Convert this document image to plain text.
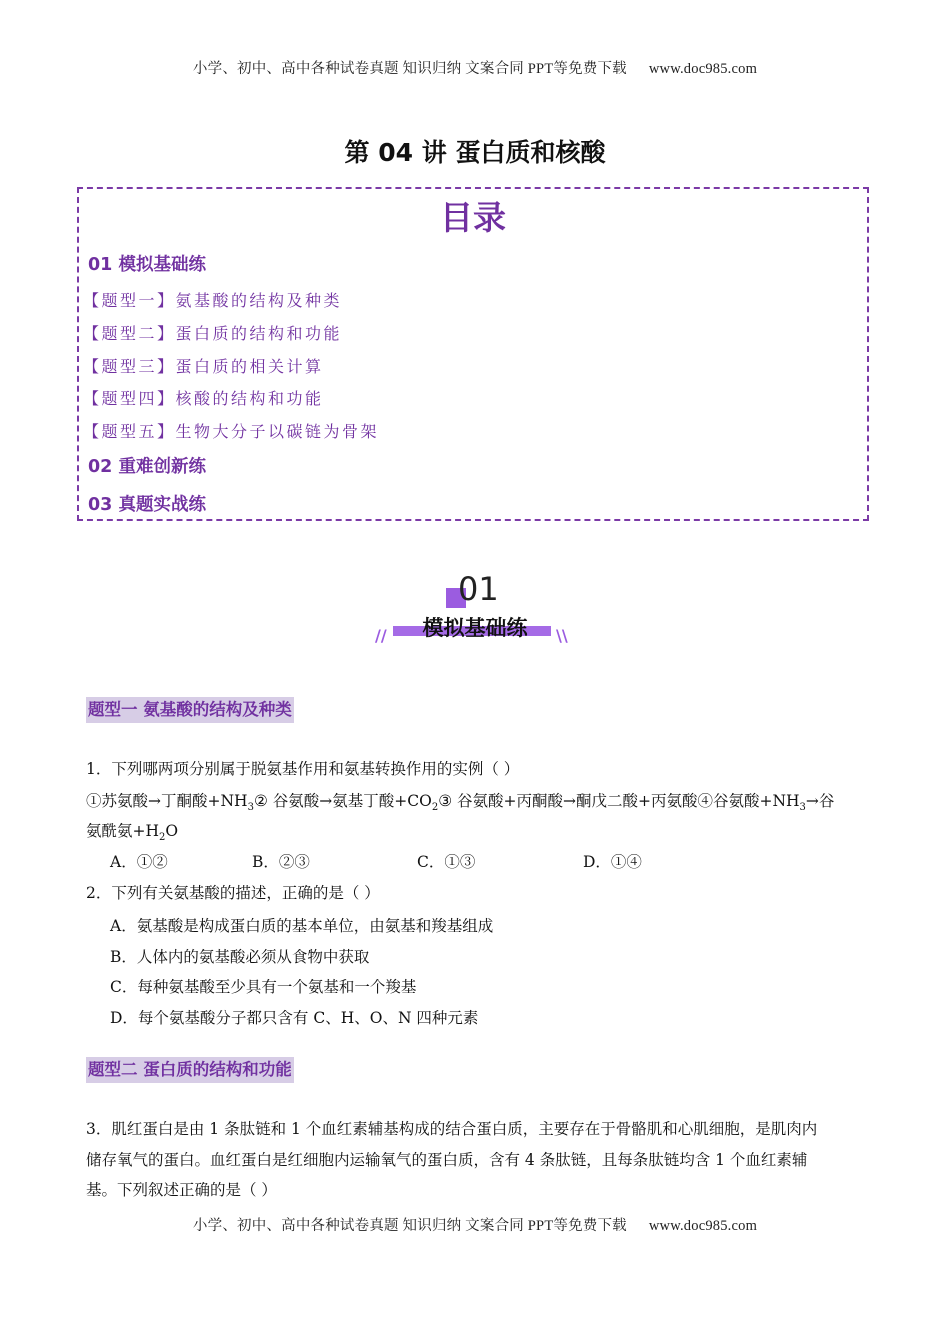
小学、初中、高中各种试卷真题 知识归纳 文案合同 PPT等免费下载 www.doc985.com
第 04 讲 蛋白质和核酸
目录
01 模拟基础练
【题型一】氨基酸的结构及种类
【题型二】蛋白质的结构和功能
【题型三】蛋白质的相关计算
【题型四】核酸的结构和功能
【题型五】生物大分子以碳链为骨架
02 重难创新练
03 真题实战练
01
//	模拟基础练	\\
题型一 氨基酸的结构及种类
1．下列哪两项分别属于脱氨基作用和氨基转换作用的实例（ ）
①苏氨酸→丁酮酸$+NH_3②$ 谷氨酸→氨基丁酸$+CO_2③$ 谷氨酸+丙酮酸→酮戊二酸+丙氨酸④谷氨酸$+NH_3\to$谷
氨酰氨$+H_2O$
A．①②	B．②③	C．①③	D．①④
2．下列有关氨基酸的描述，正确的是（ ）
A．氨基酸是构成蛋白质的基本单位，由氨基和羧基组成
B．人体内的氨基酸必须从食物中获取
C．每种氨基酸至少具有一个氨基和一个羧基
D．每个氨基酸分子都只含有 C、H、O、N 四种元素
题型二 蛋白质的结构和功能
3．肌红蛋白是由 1 条肽链和 1 个血红素辅基构成的结合蛋白质，主要存在于骨骼肌和心肌细胞，是肌肉内
储存氧气的蛋白。血红蛋白是红细胞内运输氧气的蛋白质，含有 4 条肽链，且每条肽链均含 1 个血红素辅
基。下列叙述正确的是（ ）
小学、初中、高中各种试卷真题 知识归纳 文案合同 PPT等免费下载 www.doc985.com
